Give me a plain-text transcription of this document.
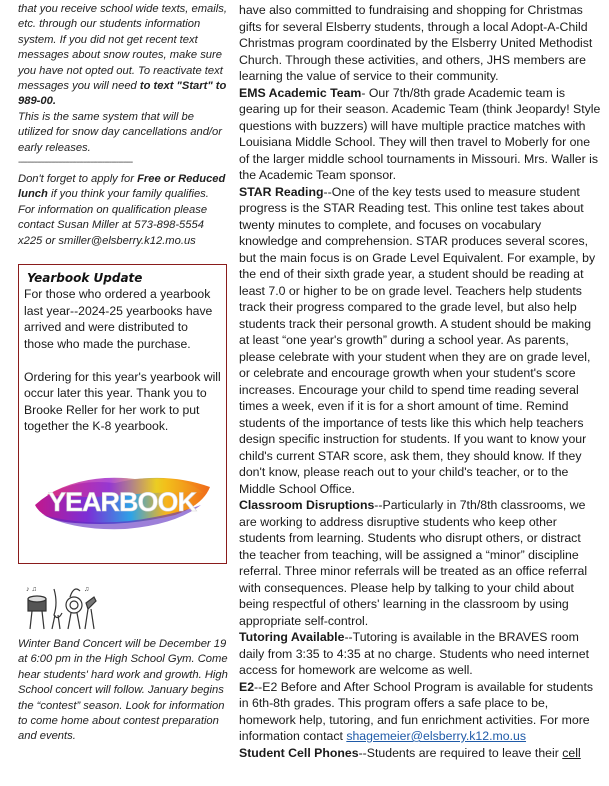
that you receive school wide texts, emails, etc. through our students information system. If you did not get recent text messages about snow routes, make sure you have not opted out. To reactivate text messages you will need to text "Start" to 989-00.

This is the same system that will be utilized for snow day cancellations and/or early releases.

-------------------------------------------------

Don't forget to apply for Free or Reduced lunch if you think your family qualifies. For information on qualification please contact Susan Miller at 573-898-5554 x225 or smiller@elsberry.k12.mo.us

Yearbook Update

For those who ordered a yearbook last year--2024-25 yearbooks have arrived and were distributed to those who made the purchase.

Ordering for this year's yearbook will occur later this year. Thank you to Brooke Reller for her work to put together the K-8 yearbook.

YEARBOOK
♪ ♫	♫

Winter Band Concert will be December 19 at 6:00 pm in the High School Gym. Come hear students' hard work and growth. High School concert will follow. January begins the “contest” season. Look for information to come home about contest preparation and events.

have also committed to fundraising and shopping for Christmas gifts for several Elsberry students, through a local Adopt-A-Child Christmas program coordinated by the Elsberry United Methodist Church. Through these activities, and others, JHS members are learning the value of service to their community.

EMS Academic Team- Our 7th/8th grade Academic team is gearing up for their season. Academic Team (think Jeopardy! Style questions with buzzers) will have multiple practice matches with Louisiana Middle School. They will then travel to Moberly for one of the larger middle school tournaments in Missouri. Mrs. Waller is the Academic Team sponsor.

STAR Reading--One of the key tests used to measure student progress is the STAR Reading test. This online test takes about twenty minutes to complete, and focuses on vocabulary knowledge and comprehension. STAR produces several scores, but the main focus is on Grade Level Equivalent. For example, by the end of their sixth grade year, a student should be reading at least 7.0 or higher to be on grade level. Teachers help students track their progress compared to the grade level, but also help students track their personal growth. A student should be making at least “one year's growth” during a school year. As parents, please celebrate with your student when they are on grade level, or celebrate and encourage growth when your student's score increases. Encourage your child to spend time reading several times a week, even if it is for a short amount of time. Remind students of the importance of tests like this which help teachers design specific instruction for students. If you want to know your child's current STAR score, ask them, they should know. If they don't know, please reach out to your child's teacher, or to the Middle School Office.

Classroom Disruptions--Particularly in 7th/8th classrooms, we are working to address disruptive students who keep other students from learning. Students who disrupt others, or distract the teacher from teaching, will be assigned a “minor” discipline referral. Three minor referrals will be treated as an office referral with consequences. Please help by talking to your child about being respectful of others' learning in the classroom by using appropriate self-control.

Tutoring Available--Tutoring is available in the BRAVES room daily from 3:35 to 4:35 at no charge. Students who need internet access for homework are welcome as well.

E2--E2 Before and After School Program is available for students in 6th-8th grades. This program offers a safe place to be, homework help, tutoring, and fun enrichment activities. For more information contact shagemeier@elsberry.k12.mo.us

Student Cell Phones--Students are required to leave their cell
